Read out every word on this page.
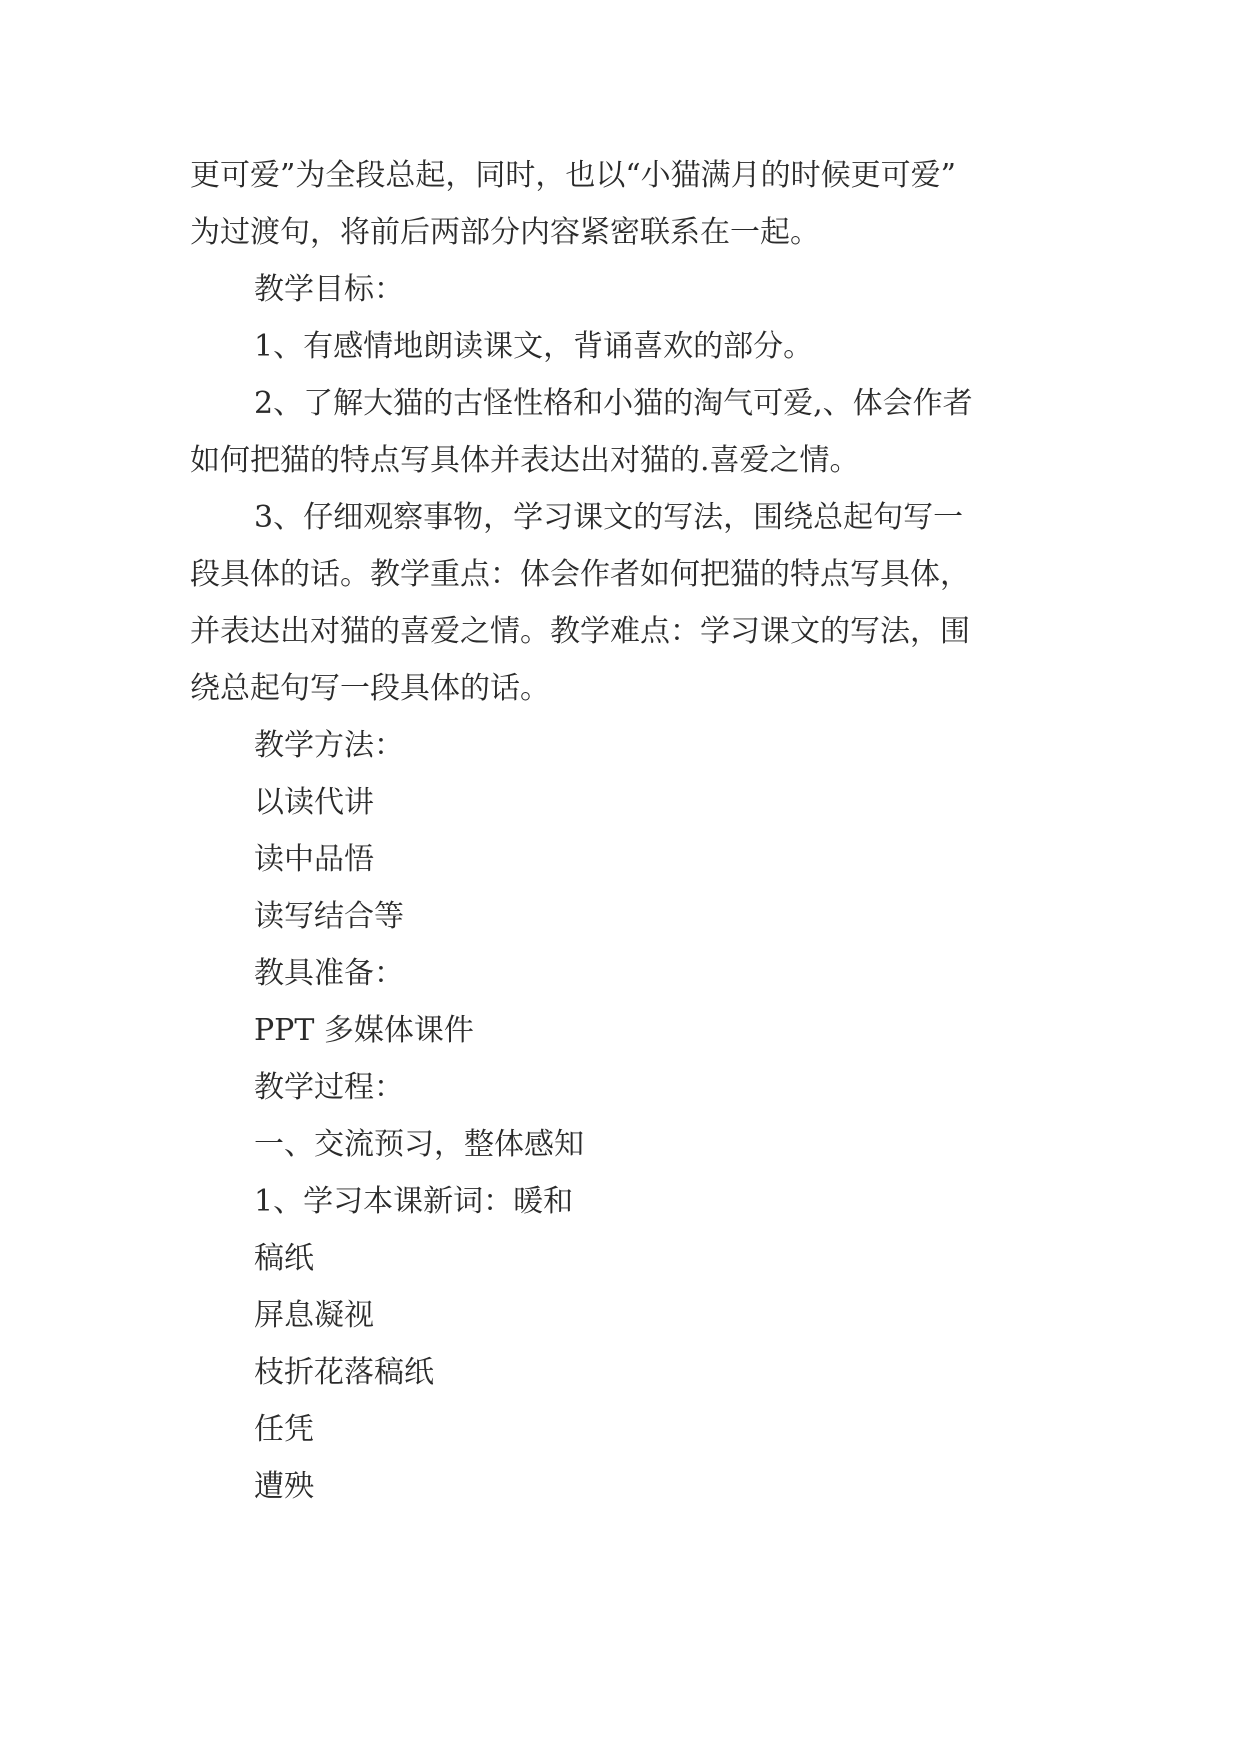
更可爱”为全段总起，同时，也以“小猫满月的时候更可爱”
为过渡句，将前后两部分内容紧密联系在一起。
教学目标：
1、有感情地朗读课文，背诵喜欢的部分。
2、了解大猫的古怪性格和小猫的淘气可爱,、体会作者
如何把猫的特点写具体并表达出对猫的.喜爱之情。
3、仔细观察事物，学习课文的写法，围绕总起句写一
段具体的话。教学重点：体会作者如何把猫的特点写具体，
并表达出对猫的喜爱之情。教学难点：学习课文的写法，围
绕总起句写一段具体的话。
教学方法：
以读代讲
读中品悟
读写结合等
教具准备：
PPT 多媒体课件
教学过程：
一、交流预习，整体感知
1、学习本课新词：暖和
稿纸
屏息凝视
枝折花落稿纸
任凭
遭殃
